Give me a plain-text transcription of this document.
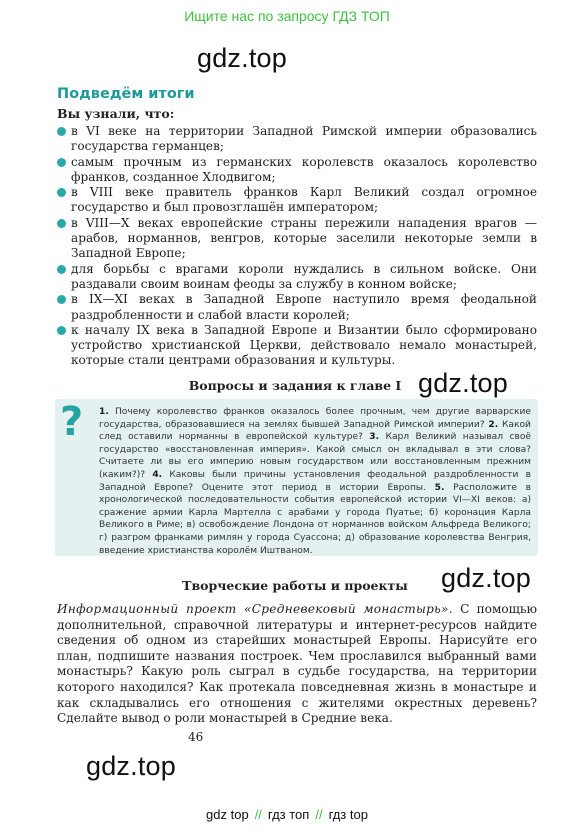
Ищите нас по запросу ГДЗ ТОП
gdz.top
Подведём итоги
Вы узнали, что:
в VI веке на территории Западной Римской империи образовались государства германцев;
самым прочным из германских королевств оказалось королевство франков, созданное Хлодвигом;
в VIII веке правитель франков Карл Великий создал огромное государство и был провозглашён императором;
в VIII—X веках европейские страны пережили нападения врагов — арабов, норманнов, венгров, которые заселили некоторые земли в Западной Европе;
для борьбы с врагами короли нуждались в сильном войске. Они раздавали своим воинам феоды за службу в конном войске;
в IX—XI веках в Западной Европе наступило время феодальной раздробленности и слабой власти королей;
к началу IX века в Западной Европе и Византии было сформировано устройство христианской Церкви, действовало немало монастырей, которые стали центрами образования и культуры.
Вопросы и задания к главе I gdz.top
? 1. Почему королевство франков оказалось более прочным, чем другие варварские государства, образовавшиеся на землях бывшей Западной Римской империи? 2. Какой след оставили норманны в европейской культуре? 3. Карл Великий называл своё государство «восстановленная империя». Какой смысл он вкладывал в эти слова? Считаете ли вы его империю новым государством или восстановленным прежним (каким?)? 4. Каковы были причины установления феодальной раздробленности в Западной Европе? Оцените этот период в истории Европы. 5. Расположите в хронологической последовательности события европейской истории VI—XI веков: а) сражение армии Карла Мартелла с арабами у города Пуатье; б) коронация Карла Великого в Риме; в) освобождение Лондона от норманнов войском Альфреда Великого; г) разгром франками римлян у города Суассона; д) образование королевства Венгрия, введение христианства королём Иштваном.
Творческие работы и проекты	gdz.top
Информационный проект «Средневековый монастырь». С помощью дополнительной, справочной литературы и интернет-ресурсов найдите сведения об одном из старейших монастырей Европы. Нарисуйте его план, подпишите названия построек. Чем прославился выбранный вами монастырь? Какую роль сыграл в судьбе государства, на территории которого находился? Как протекала повседневная жизнь в монастыре и как складывались его отношения с жителями окрестных деревень? Сделайте вывод о роли монастырей в Средние века.
46
gdz.top
gdz top // гдз топ // гдз top
